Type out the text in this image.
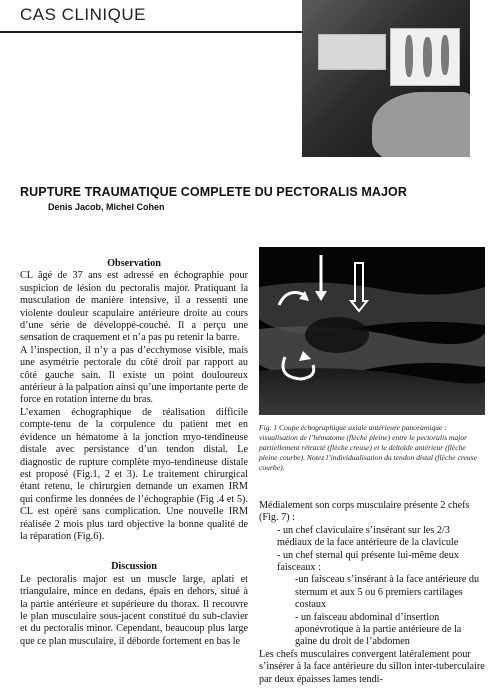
CAS CLINIQUE
RUPTURE TRAUMATIQUE COMPLETE DU PECTORALIS MAJOR
Denis Jacob, Michel Cohen
Observation

CL âgé de 37 ans est adressé en échographie pour suspicion de lésion du pectoralis major. Pratiquant la musculation de manière intensive, il a ressenti une violente douleur scapulaire antérieure droite au cours d’une série de développé-couché. Il a perçu une sensation de craquement et n’a pas pu retenir la barre.

A l’inspection, il n’y a pas d’ecchymose visible, mais une asymétrie pectorale du côté droit par rapport au côté gauche sain. Il existe un point douloureux antérieur à la palpation ainsi qu’une importante perte de force en rotation interne du bras.

L’examen échographique de réalisation difficile compte-tenu de la corpulence du patient met en évidence un hématome à la jonction myo-tendineuse distale avec persistance d’un tendon distal. Le diagnostic de rupture complète myo-tendineuse distale est proposé (Fig.1, 2 et 3). Le traitement chirurgical étant retenu, le chirurgien demande un examen IRM qui confirme les données de l’échographie (Fig .4 et 5). CL est opéré sans complication. Une nouvelle IRM réalisée 2 mois plus tard objective la bonne qualité de la réparation (Fig.6).

Discussion

Le pectoralis major est un muscle large, aplati et triangulaire, mince en dedans, épais en dehors, situé à la partie antérieure et supérieure du thorax. Il recouvre le plan musculaire sous-jacent constitué du sub-clavier et du pectoralis minor. Cependant, beaucoup plus large que ce plan musculaire, il déborde fortement en bas le

Fig. 1 Coupe échographique axiale antérieure panoramique : visualisation de l’hématome (flèche pleine) entre le pectoralis major partiellement rétracté (flèche creuse) et le deltoïde antérieur (flèche pleine courbe). Notez l’individualisation du tendon distal (flèche creuse courbe).

Médialement son corps musculaire présente 2 chefs (Fig. 7) :

- un chef claviculaire s’insérant sur les 2/3 médiaux de la face antérieure de la clavicule

- un chef sternal qui présente lui-même deux faisceaux :

-un faisceau s’insérant à la face antérieure du sternum et aux 5 ou 6 premiers cartilages costaux

- un faisceau abdominal d’insertion aponévrotique à la partie antérieure de la gaine du droit de l’abdomen

Les chefs musculaires convergent latéralement pour s’insérer à la face antérieure du sillon inter-tuberculaire par deux épaisses lames tendi-
